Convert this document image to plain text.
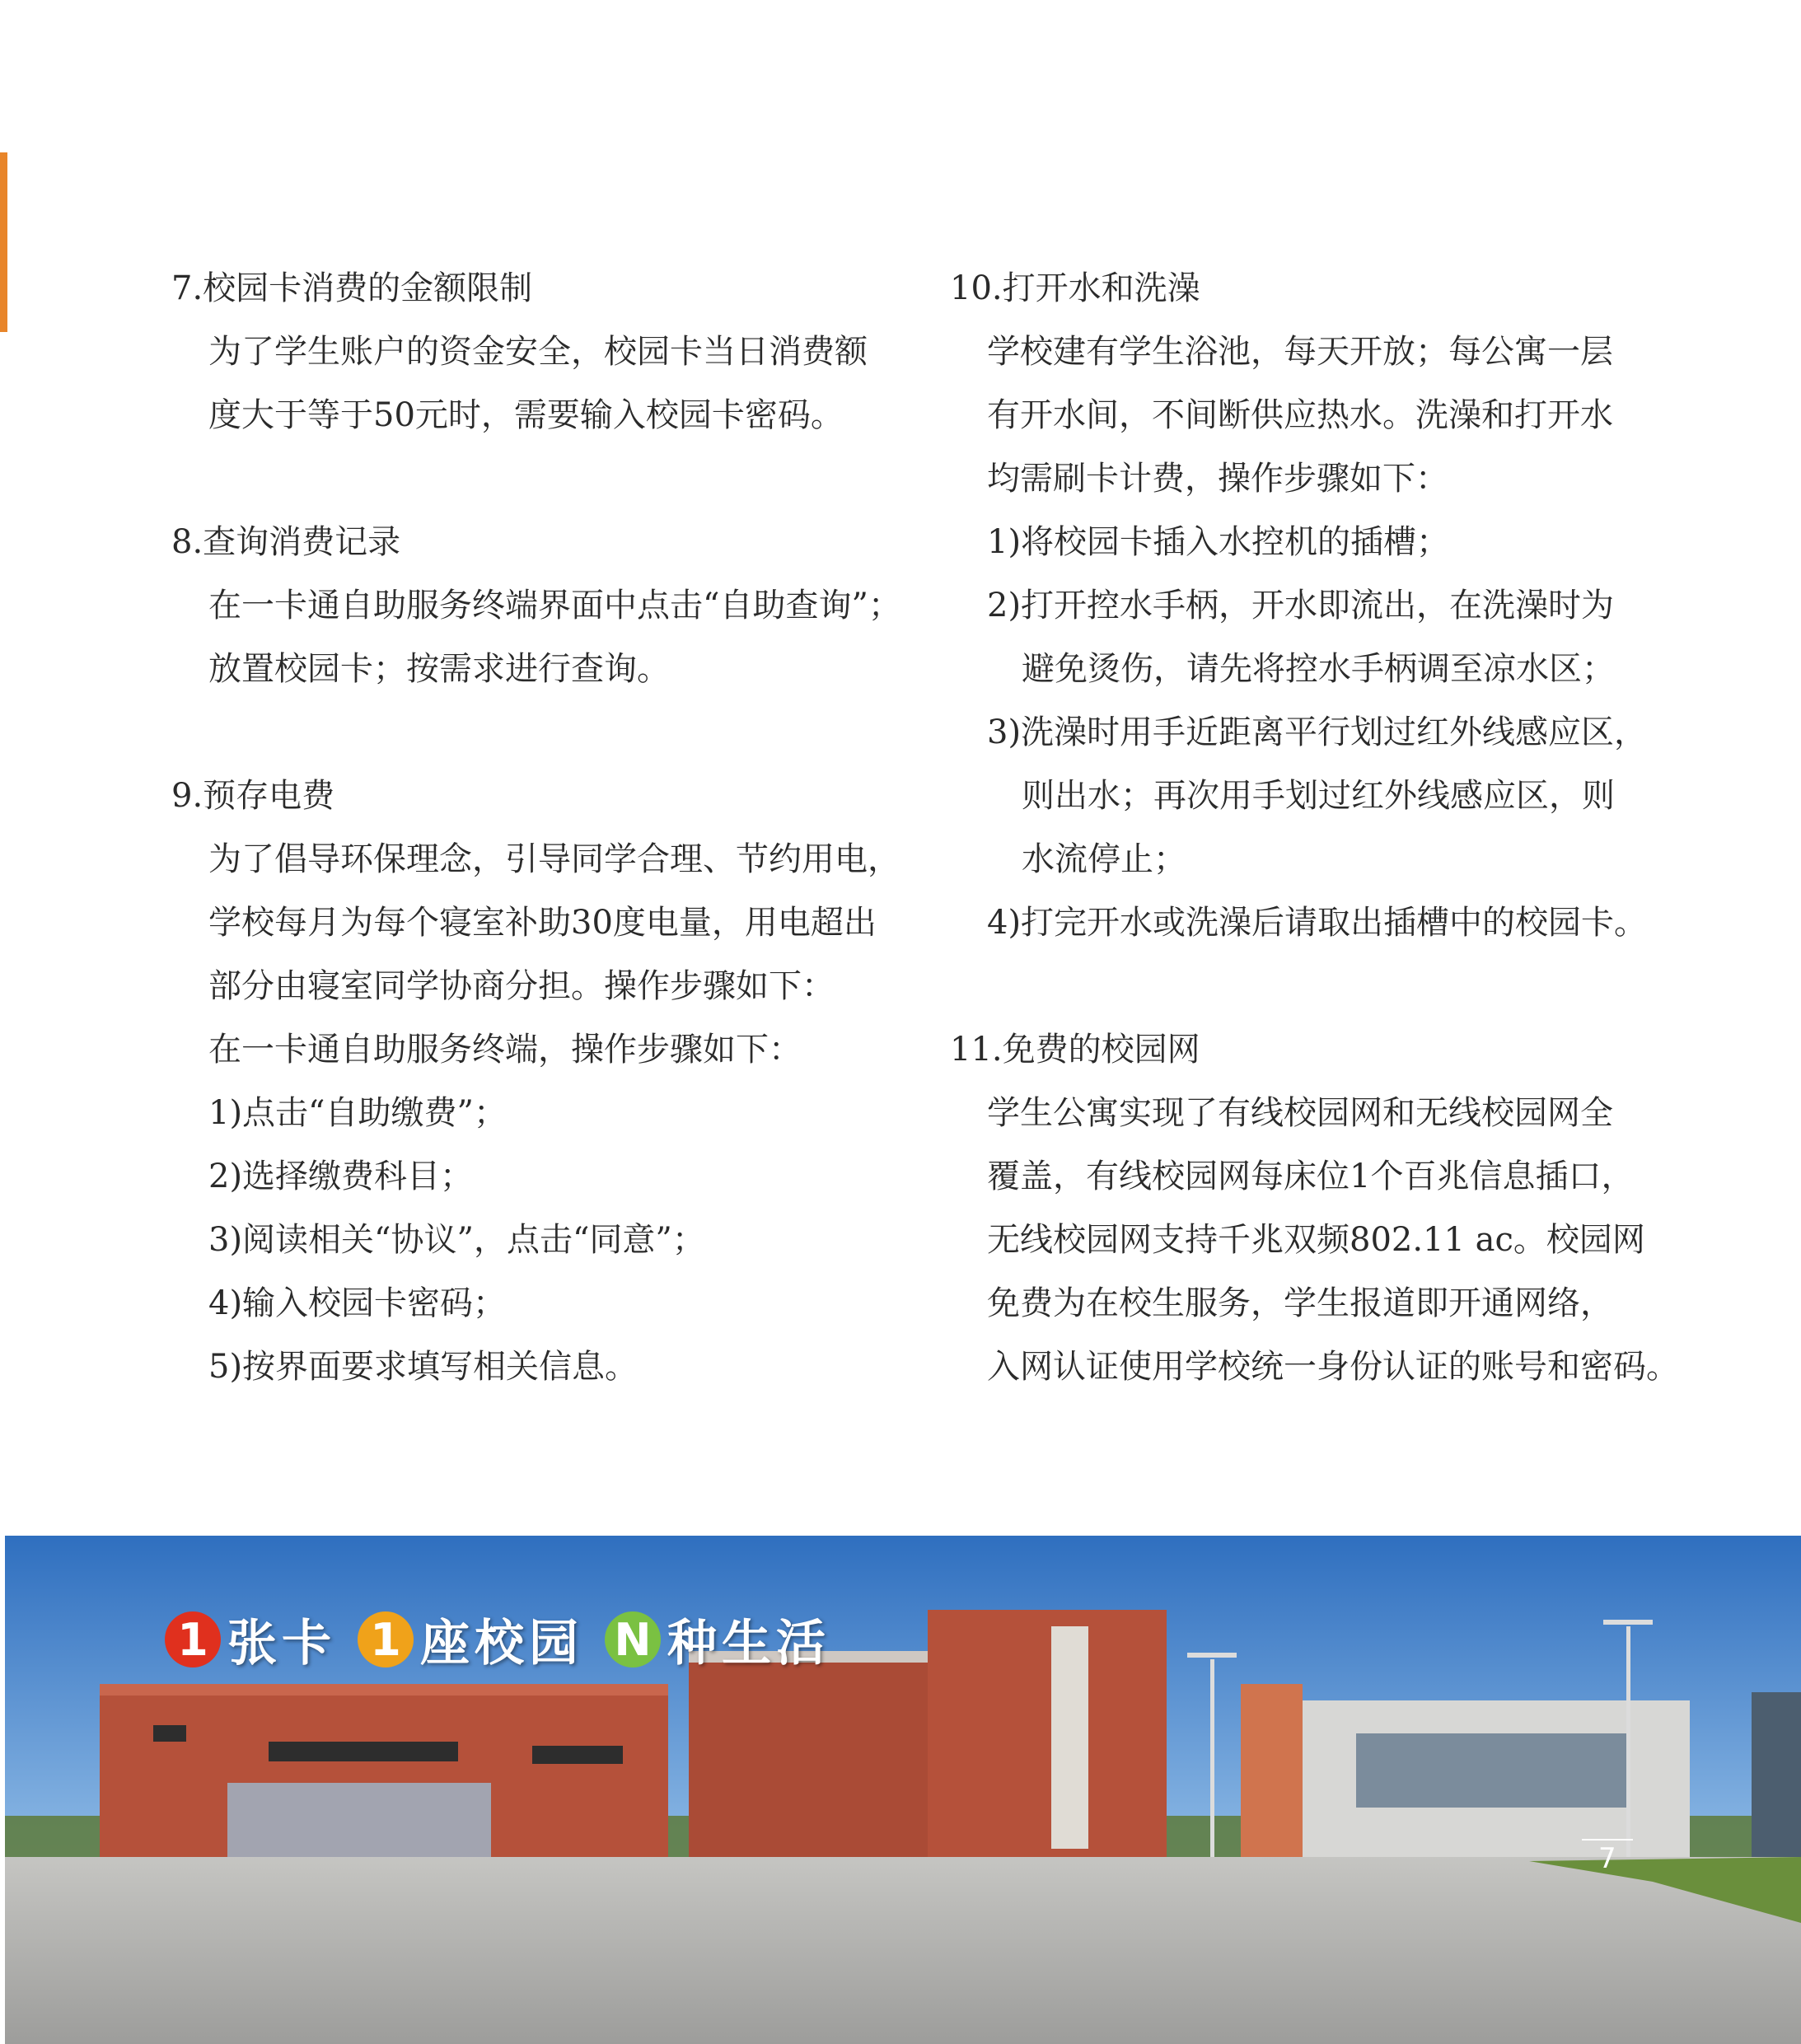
7.校园卡消费的金额限制
为了学生账户的资金安全，校园卡当日消费额
度大于等于50元时，需要输入校园卡密码。
8.查询消费记录
在一卡通自助服务终端界面中点击“自助查询”；
放置校园卡；按需求进行查询。
9.预存电费
为了倡导环保理念，引导同学合理、节约用电，
学校每月为每个寝室补助30度电量，用电超出
部分由寝室同学协商分担。操作步骤如下：
在一卡通自助服务终端，操作步骤如下：
1)点击“自助缴费”；
2)选择缴费科目；
3)阅读相关“协议”，点击“同意”；
4)输入校园卡密码；
5)按界面要求填写相关信息。
10.打开水和洗澡
学校建有学生浴池，每天开放；每公寓一层
有开水间，不间断供应热水。洗澡和打开水
均需刷卡计费，操作步骤如下：
1)将校园卡插入水控机的插槽；
2)打开控水手柄，开水即流出，在洗澡时为
避免烫伤，请先将控水手柄调至凉水区；
3)洗澡时用手近距离平行划过红外线感应区，
则出水；再次用手划过红外线感应区，则
水流停止；
4)打完开水或洗澡后请取出插槽中的校园卡。
11.免费的校园网
学生公寓实现了有线校园网和无线校园网全
覆盖，有线校园网每床位1个百兆信息插口，
无线校园网支持千兆双频802.11 ac。校园网
免费为在校生服务，学生报道即开通网络，
入网认证使用学校统一身份认证的账号和密码。
1 张卡 1 座校园 N 种生活
7
